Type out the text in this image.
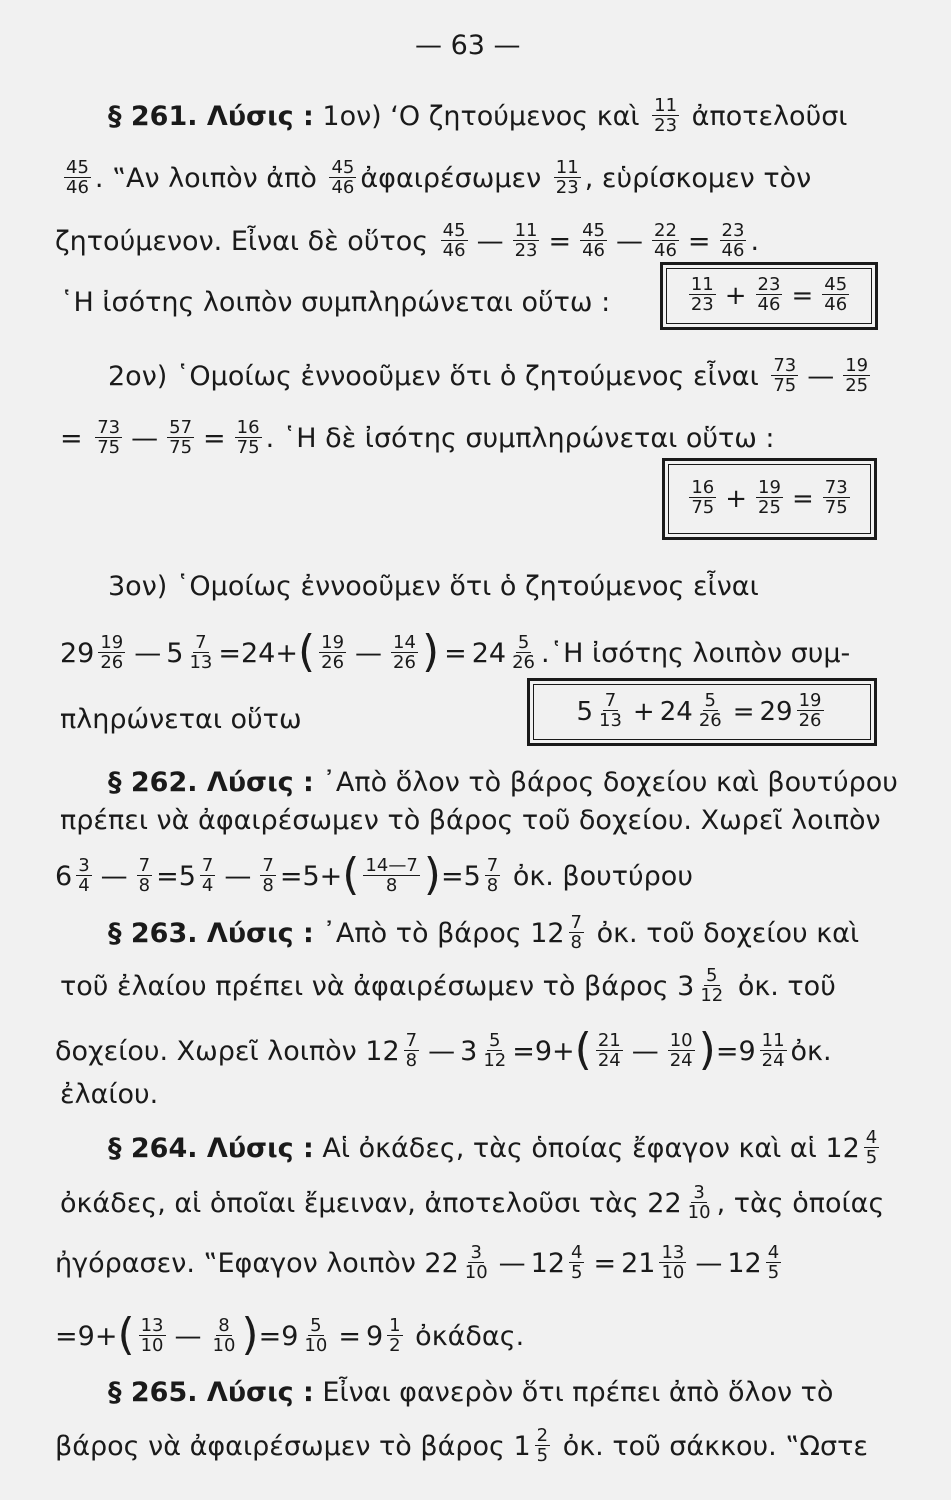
— 63 —
§ 261. Λύσις : 1ον) ‘Ο ζητούμενος καὶ $\frac{11}{23}$ ἀποτελοῦσι
$\frac{45}{46}$ . ‟Αν λοιπὸν ἀπὸ $\frac{45}{46}$ ἀφαιρέσωμεν $\frac{11}{23}$ , εὑρίσκομεν τὸν
ζητούμενον. Εἶναι δὲ οὕτος $\frac{45}{46}$ — $\frac{11}{23} = \frac{45}{46}$ — $\frac{22}{46} = \frac{23}{46}$ .
῾Η ἰσότης λοιπὸν συμπληρώνεται οὕτω :	$\frac{11}{23} + \frac{23}{46} = \frac{45}{46}$
2ον) ῾Ομοίως ἐννοοῦμεν ὅτι ὁ ζητούμενος εἶναι $\frac{73}{75}$ — $\frac{19}{25}$
= $\frac{73}{75}$ — $\frac{57}{75} = \frac{16}{75}$ . ῾Η δὲ ἰσότης συμπληρώνεται οὕτω :
$\frac{16}{75} + \frac{19}{25} = \frac{73}{75}$
3ον) ῾Ομοίως ἐννοοῦμεν ὅτι ὁ ζητούμενος εἶναι
$29 \frac{19}{26}$ — $5 \frac{7}{13} =24+( \frac{19}{26}$ — $\frac{14}{26}$ ) = $24 \frac{5}{26}$ .῾Η ἰσότης λοιπὸν συμ-
πληρώνεται οὕτω	$5 \frac{7}{13} + 24 \frac{5}{26} = 29 \frac{19}{26}$
§ 262. Λύσις : ᾿Απὸ ὅλον τὸ βάρος δοχείου καὶ βουτύρου
πρέπει νὰ ἀφαιρέσωμεν τὸ βάρος τοῦ δοχείου. Χωρεῖ λοιπὸν
$6 \frac{3}{4}$ — $\frac{7}{8} =5 \frac{7}{4}$ — $\frac{7}{8} =5+( \frac{14—7}{8} )=5 \frac{7}{8}$ ὀκ. βουτύρου
§ 263. Λύσις : ᾿Απὸ τὸ βάρος $12 \frac{7}{8}$ ὀκ. τοῦ δοχείου καὶ
τοῦ ἐλαίου πρέπει νὰ ἀφαιρέσωμεν τὸ βάρος $3 \frac{5}{12}$ ὀκ. τοῦ
δοχείου. Χωρεῖ λοιπὸν $12 \frac{7}{8}$ — $3 \frac{5}{12} =9+( \frac{21}{24}$ — $\frac{10}{24} )=9 \frac{11}{24}$ ὀκ.
ἐλαίου.
§ 264. Λύσις : Αἱ ὀκάδες, τὰς ὁποίας ἔφαγον καὶ αἱ $12 \frac{4}{5}$
ὀκάδες, αἱ ὁποῖαι ἔμειναν, ἀποτελοῦσι τὰς $22 \frac{3}{10}$ , τὰς ὁποίας
ἠγόρασεν. ‟Εφαγον λοιπὸν $22 \frac{3}{10}$ — $12 \frac{4}{5} = 21 \frac{13}{10}$ — $12 \frac{4}{5}$
$=9+( \frac{13}{10}$ — $\frac{8}{10} )=9 \frac{5}{10} = 9 \frac{1}{2}$ ὀκάδας.
§ 265. Λύσις : Εἶναι φανερὸν ὅτι πρέπει ἀπὸ ὅλον τὸ
βάρος νὰ ἀφαιρέσωμεν τὸ βάρος $1 \frac{2}{5}$ ὀκ. τοῦ σάκκου. ‟Ωστε
